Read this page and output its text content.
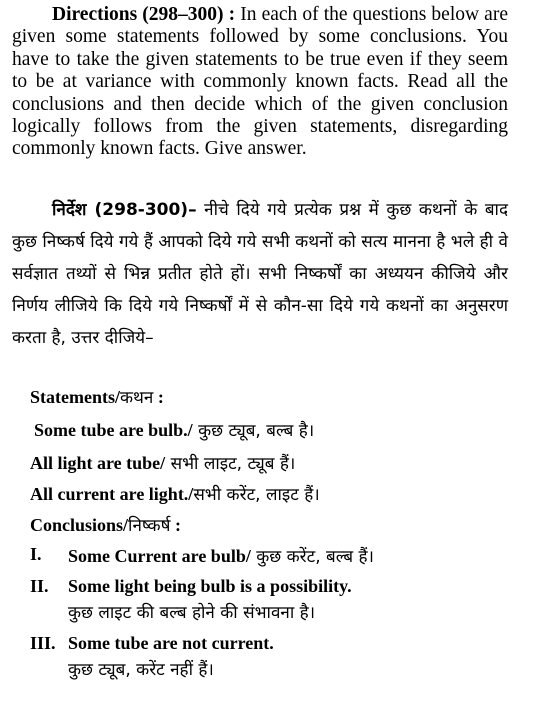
Directions (298–300) : In each of the questions below are given some statements followed by some conclusions. You have to take the given statements to be true even if they seem to be at variance with commonly known facts. Read all the conclusions and then decide which of the given conclusion logically follows from the given statements, disregarding commonly known facts. Give answer.

निर्देश (298-300)– नीचे दिये गये प्रत्येक प्रश्न में कुछ कथनों के बाद कुछ निष्कर्ष दिये गये हैं आपको दिये गये सभी कथनों को सत्य मानना है भले ही वे सर्वज्ञात तथ्यों से भिन्न प्रतीत होते हों। सभी निष्कर्षों का अध्ययन कीजिये और निर्णय लीजिये कि दिये गये निष्कर्षों में से कौन-सा दिये गये कथनों का अनुसरण करता है, उत्तर दीजिये–

Statements/कथन :
Some tube are bulb./ कुछ ट्यूब, बल्ब है।
All light are tube/ सभी लाइट, ट्यूब हैं।
All current are light./सभी करेंट, लाइट हैं।
Conclusions/निष्कर्ष :
I. Some Current are bulb/ कुछ करेंट, बल्ब हैं।
II. Some light being bulb is a possibility.
कुछ लाइट की बल्ब होने की संभावना है।
III. Some tube are not current.
कुछ ट्यूब, करेंट नहीं हैं।
